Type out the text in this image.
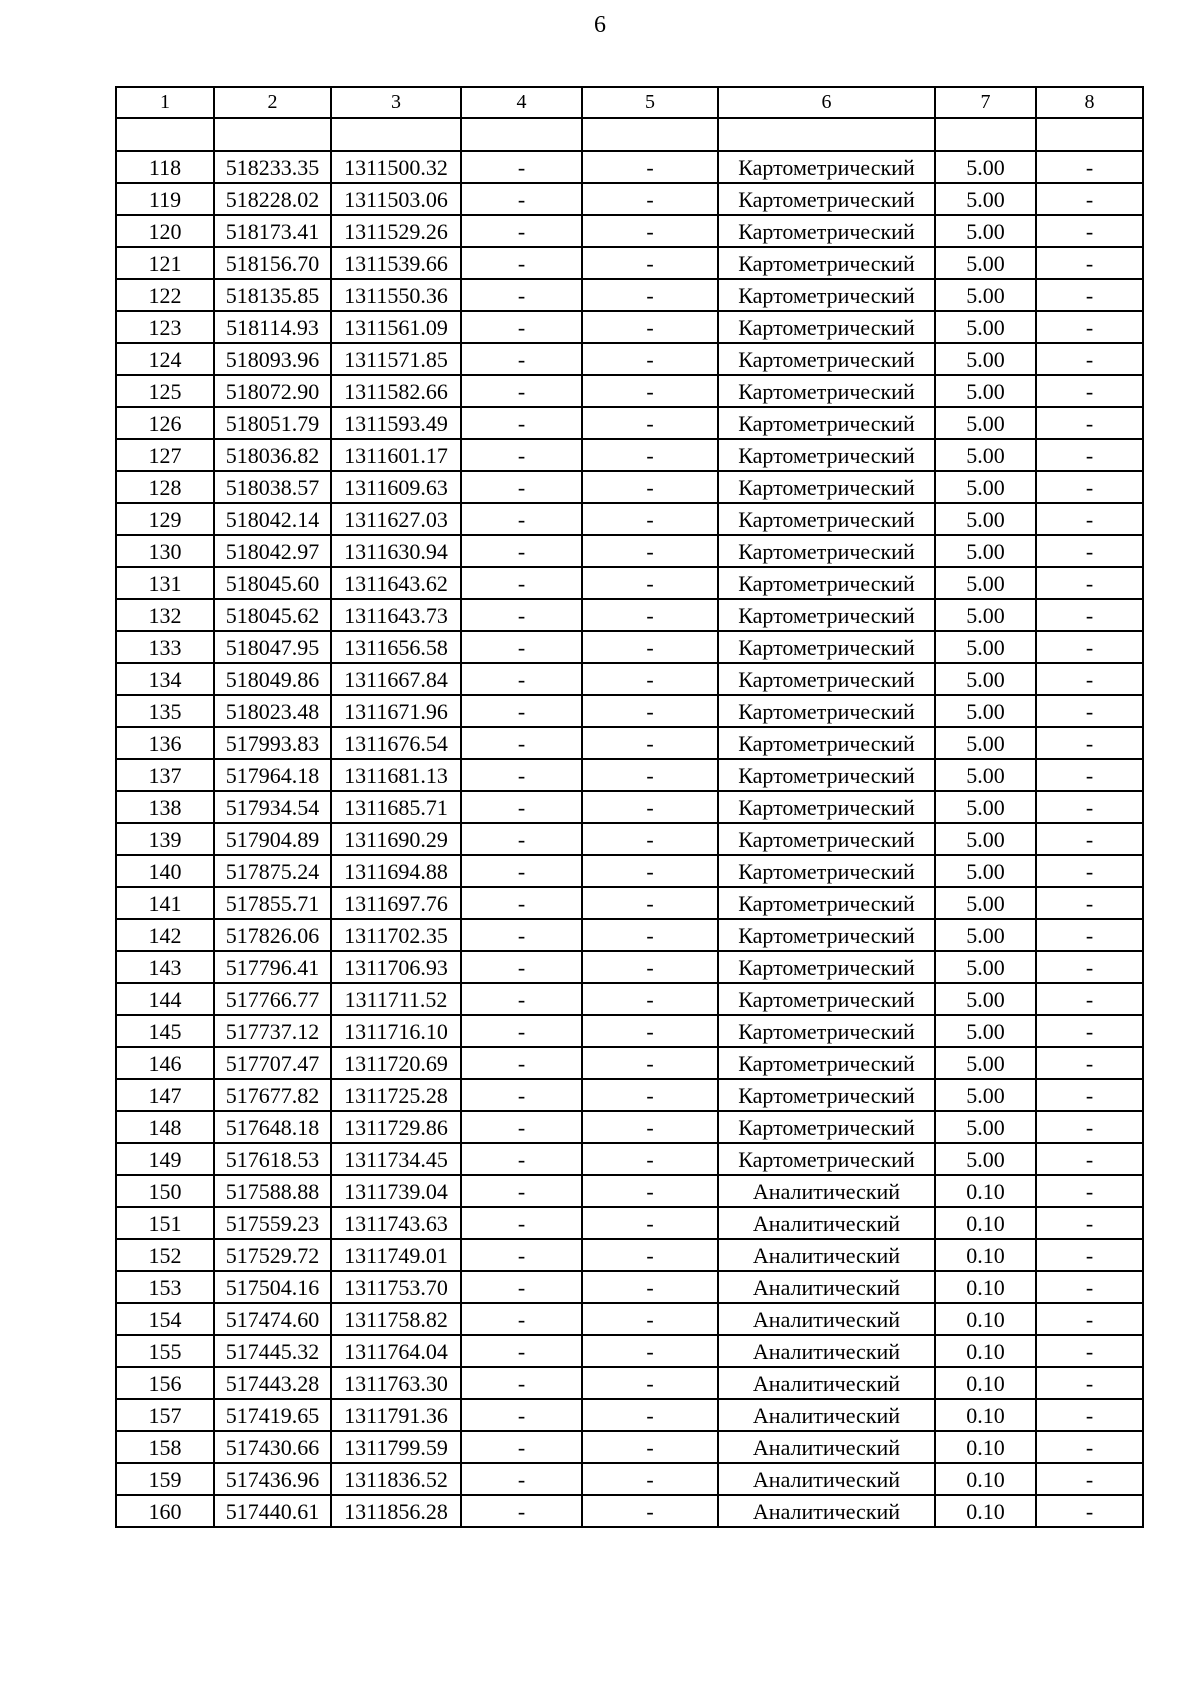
6
1	2	3	4	5	6	7	8

118	518233.35	1311500.32	-	-	Картометрический	5.00	-
119	518228.02	1311503.06	-	-	Картометрический	5.00	-
120	518173.41	1311529.26	-	-	Картометрический	5.00	-
121	518156.70	1311539.66	-	-	Картометрический	5.00	-
122	518135.85	1311550.36	-	-	Картометрический	5.00	-
123	518114.93	1311561.09	-	-	Картометрический	5.00	-
124	518093.96	1311571.85	-	-	Картометрический	5.00	-
125	518072.90	1311582.66	-	-	Картометрический	5.00	-
126	518051.79	1311593.49	-	-	Картометрический	5.00	-
127	518036.82	1311601.17	-	-	Картометрический	5.00	-
128	518038.57	1311609.63	-	-	Картометрический	5.00	-
129	518042.14	1311627.03	-	-	Картометрический	5.00	-
130	518042.97	1311630.94	-	-	Картометрический	5.00	-
131	518045.60	1311643.62	-	-	Картометрический	5.00	-
132	518045.62	1311643.73	-	-	Картометрический	5.00	-
133	518047.95	1311656.58	-	-	Картометрический	5.00	-
134	518049.86	1311667.84	-	-	Картометрический	5.00	-
135	518023.48	1311671.96	-	-	Картометрический	5.00	-
136	517993.83	1311676.54	-	-	Картометрический	5.00	-
137	517964.18	1311681.13	-	-	Картометрический	5.00	-
138	517934.54	1311685.71	-	-	Картометрический	5.00	-
139	517904.89	1311690.29	-	-	Картометрический	5.00	-
140	517875.24	1311694.88	-	-	Картометрический	5.00	-
141	517855.71	1311697.76	-	-	Картометрический	5.00	-
142	517826.06	1311702.35	-	-	Картометрический	5.00	-
143	517796.41	1311706.93	-	-	Картометрический	5.00	-
144	517766.77	1311711.52	-	-	Картометрический	5.00	-
145	517737.12	1311716.10	-	-	Картометрический	5.00	-
146	517707.47	1311720.69	-	-	Картометрический	5.00	-
147	517677.82	1311725.28	-	-	Картометрический	5.00	-
148	517648.18	1311729.86	-	-	Картометрический	5.00	-
149	517618.53	1311734.45	-	-	Картометрический	5.00	-
150	517588.88	1311739.04	-	-	Аналитический	0.10	-
151	517559.23	1311743.63	-	-	Аналитический	0.10	-
152	517529.72	1311749.01	-	-	Аналитический	0.10	-
153	517504.16	1311753.70	-	-	Аналитический	0.10	-
154	517474.60	1311758.82	-	-	Аналитический	0.10	-
155	517445.32	1311764.04	-	-	Аналитический	0.10	-
156	517443.28	1311763.30	-	-	Аналитический	0.10	-
157	517419.65	1311791.36	-	-	Аналитический	0.10	-
158	517430.66	1311799.59	-	-	Аналитический	0.10	-
159	517436.96	1311836.52	-	-	Аналитический	0.10	-
160	517440.61	1311856.28	-	-	Аналитический	0.10	-
